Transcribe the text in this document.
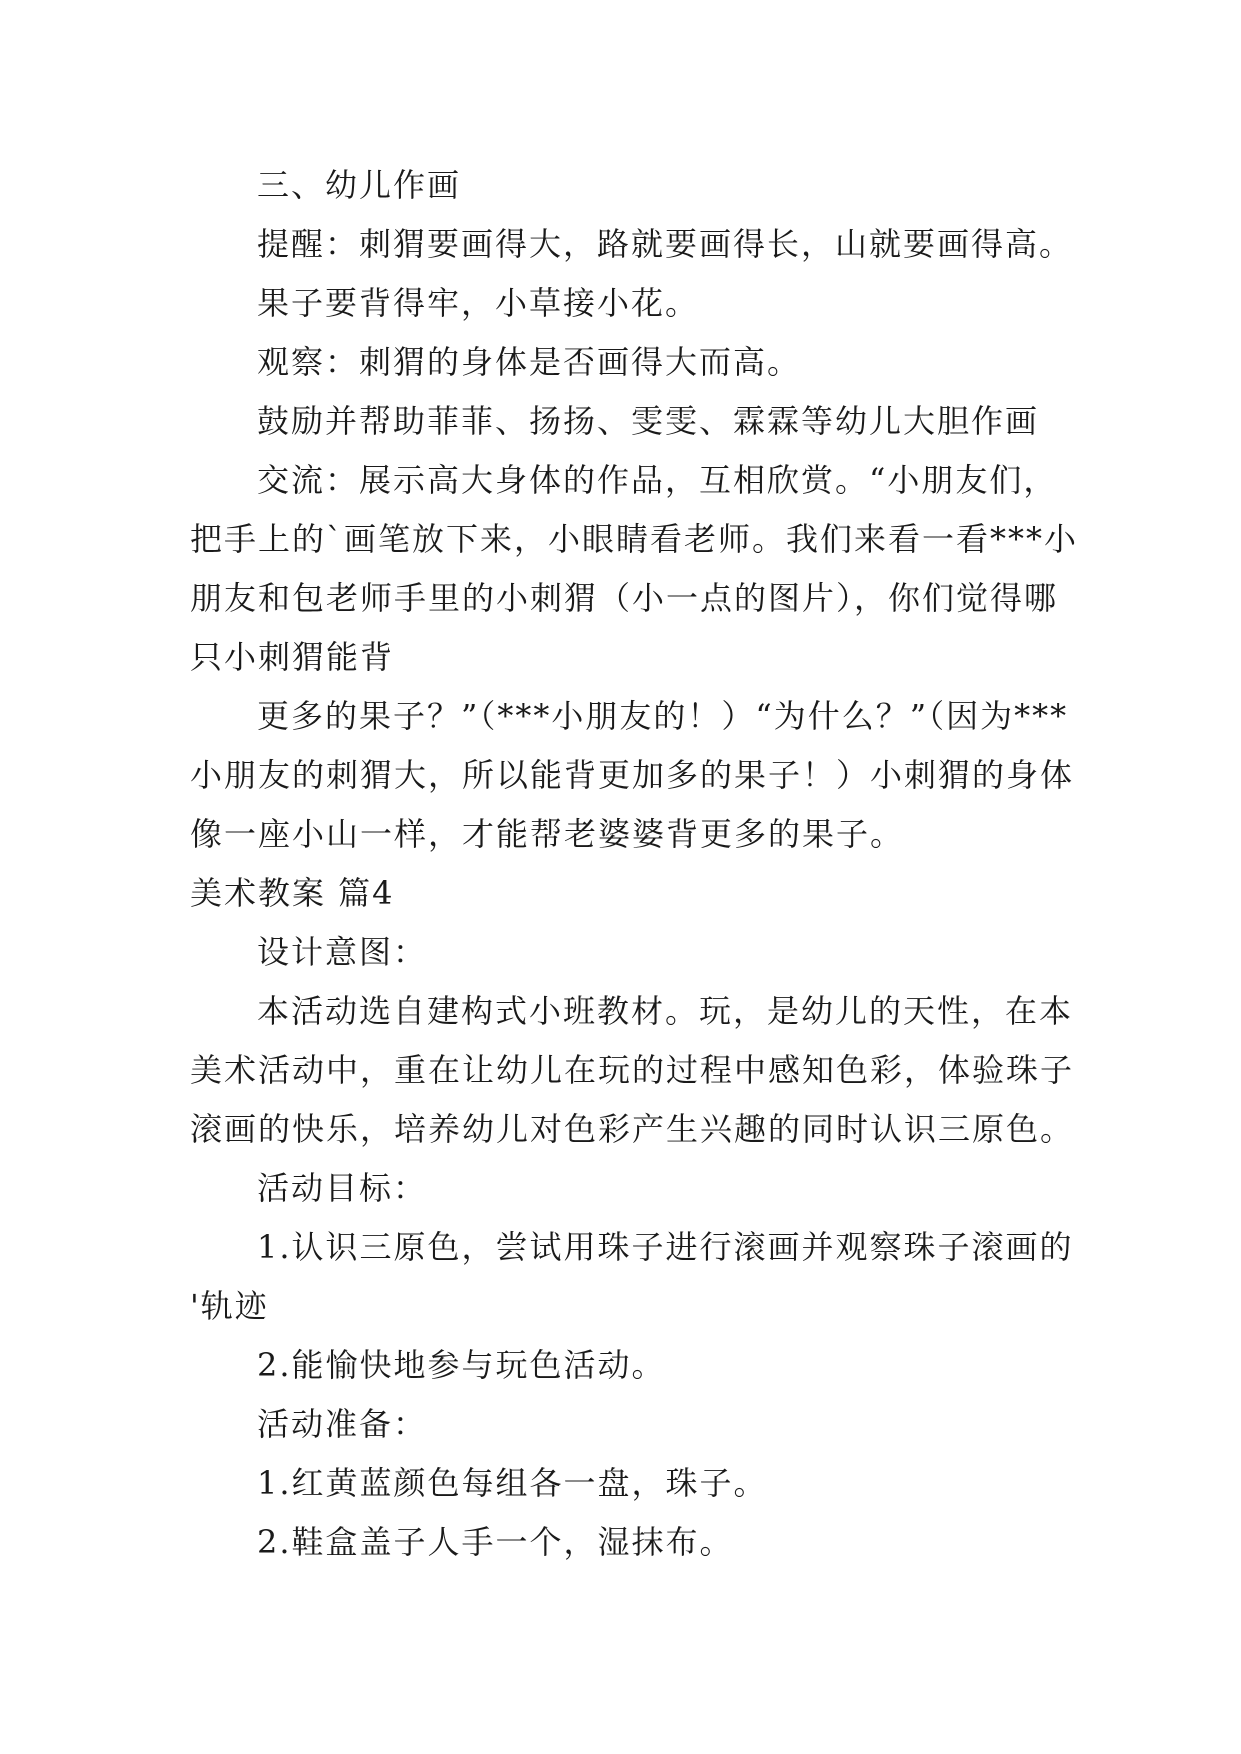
三、幼儿作画
提醒：刺猬要画得大，路就要画得长，山就要画得高。
果子要背得牢，小草接小花。
观察：刺猬的身体是否画得大而高。
鼓励并帮助菲菲、扬扬、雯雯、霖霖等幼儿大胆作画
交流：展示高大身体的作品，互相欣赏。“小朋友们，
把手上的`画笔放下来，小眼睛看老师。我们来看一看***小
朋友和包老师手里的小刺猬（小一点的图片），你们觉得哪
只小刺猬能背
更多的果子？”（***小朋友的！）“为什么？”（因为***
小朋友的刺猬大，所以能背更加多的果子！）小刺猬的身体
像一座小山一样，才能帮老婆婆背更多的果子。
美术教案 篇4
设计意图：
本活动选自建构式小班教材。玩，是幼儿的天性，在本
美术活动中，重在让幼儿在玩的过程中感知色彩，体验珠子
滚画的快乐，培养幼儿对色彩产生兴趣的同时认识三原色。
活动目标：
1.认识三原色，尝试用珠子进行滚画并观察珠子滚画的
'轨迹
2.能愉快地参与玩色活动。
活动准备：
1.红黄蓝颜色每组各一盘，珠子。
2.鞋盒盖子人手一个，湿抹布。
